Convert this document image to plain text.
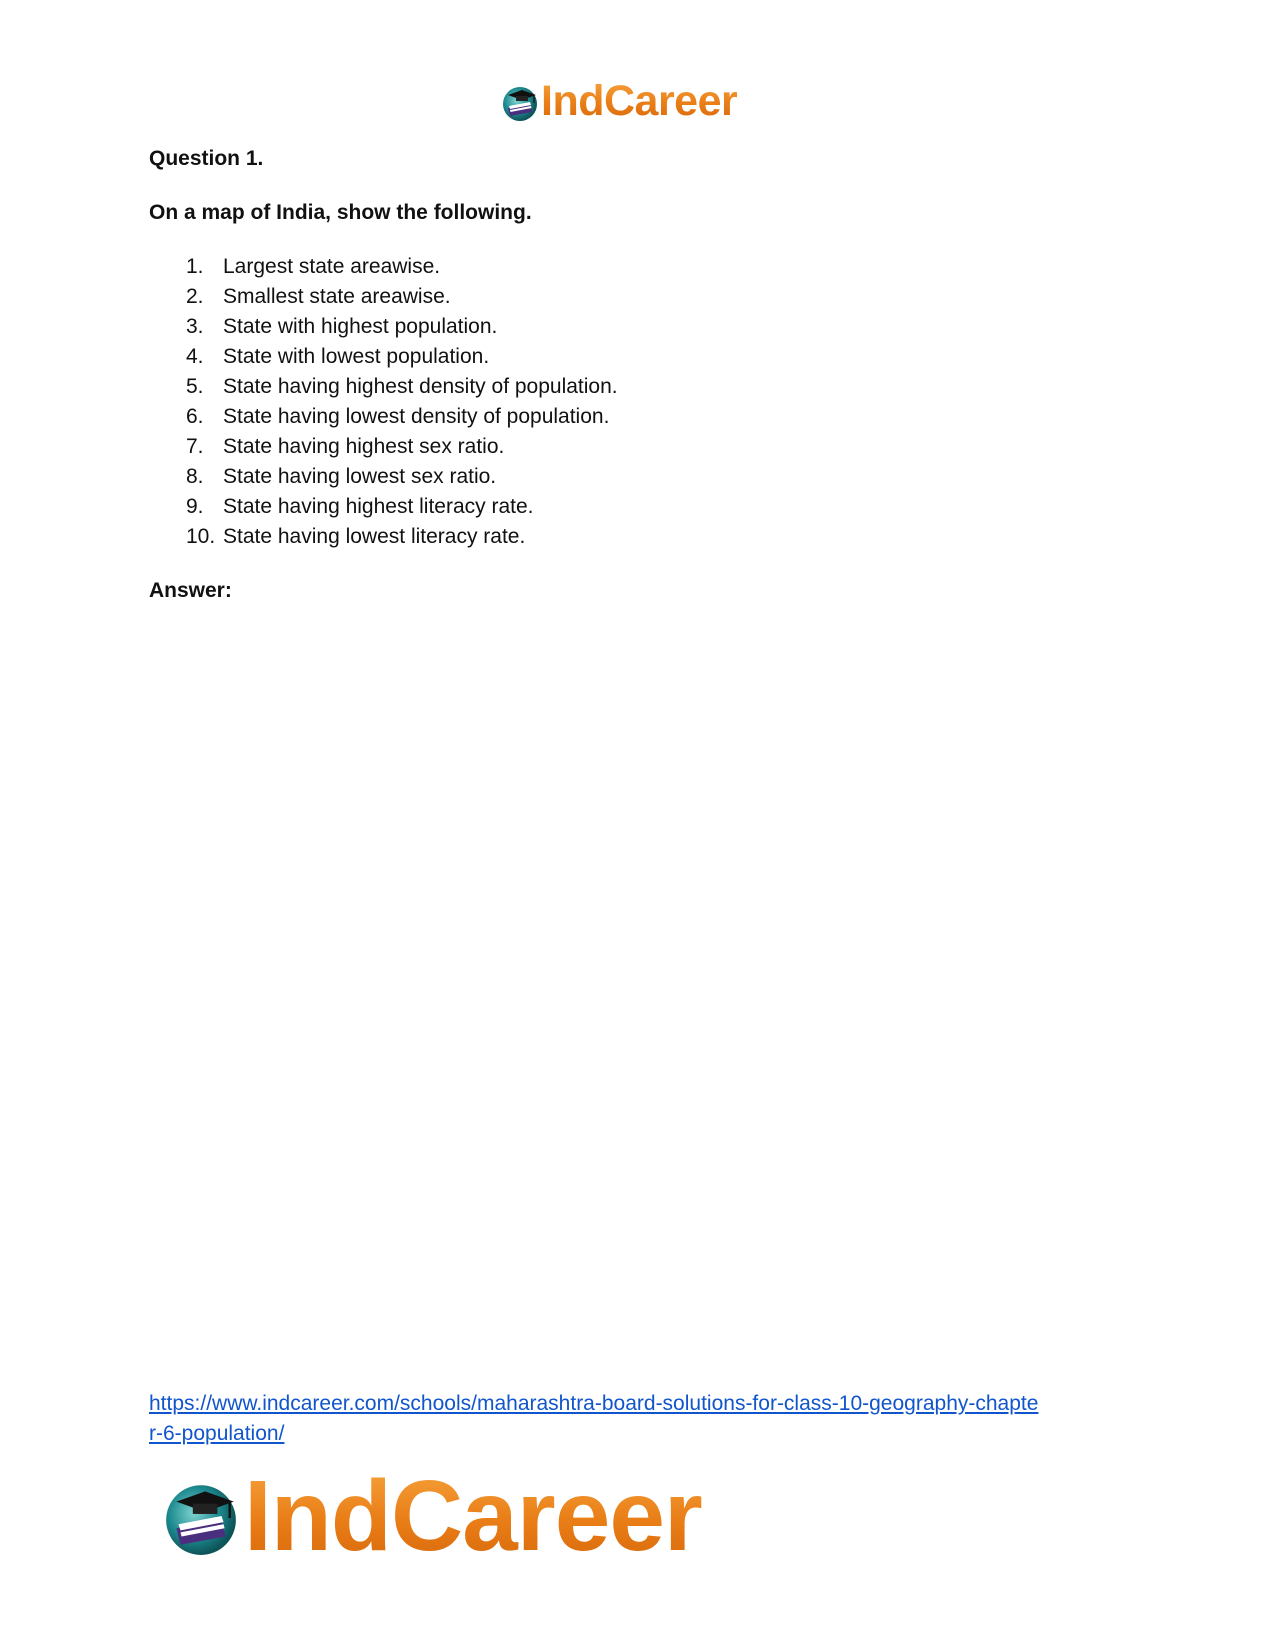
IndCareer

Question 1.

On a map of India, show the following.

1. Largest state areawise.
2. Smallest state areawise.
3. State with highest population.
4. State with lowest population.
5. State having highest density of population.
6. State having lowest density of population.
7. State having highest sex ratio.
8. State having lowest sex ratio.
9. State having highest literacy rate.
10. State having lowest literacy rate.

Answer:

https://www.indcareer.com/schools/maharashtra-board-solutions-for-class-10-geography-chapte
r-6-population/
IndCareer
